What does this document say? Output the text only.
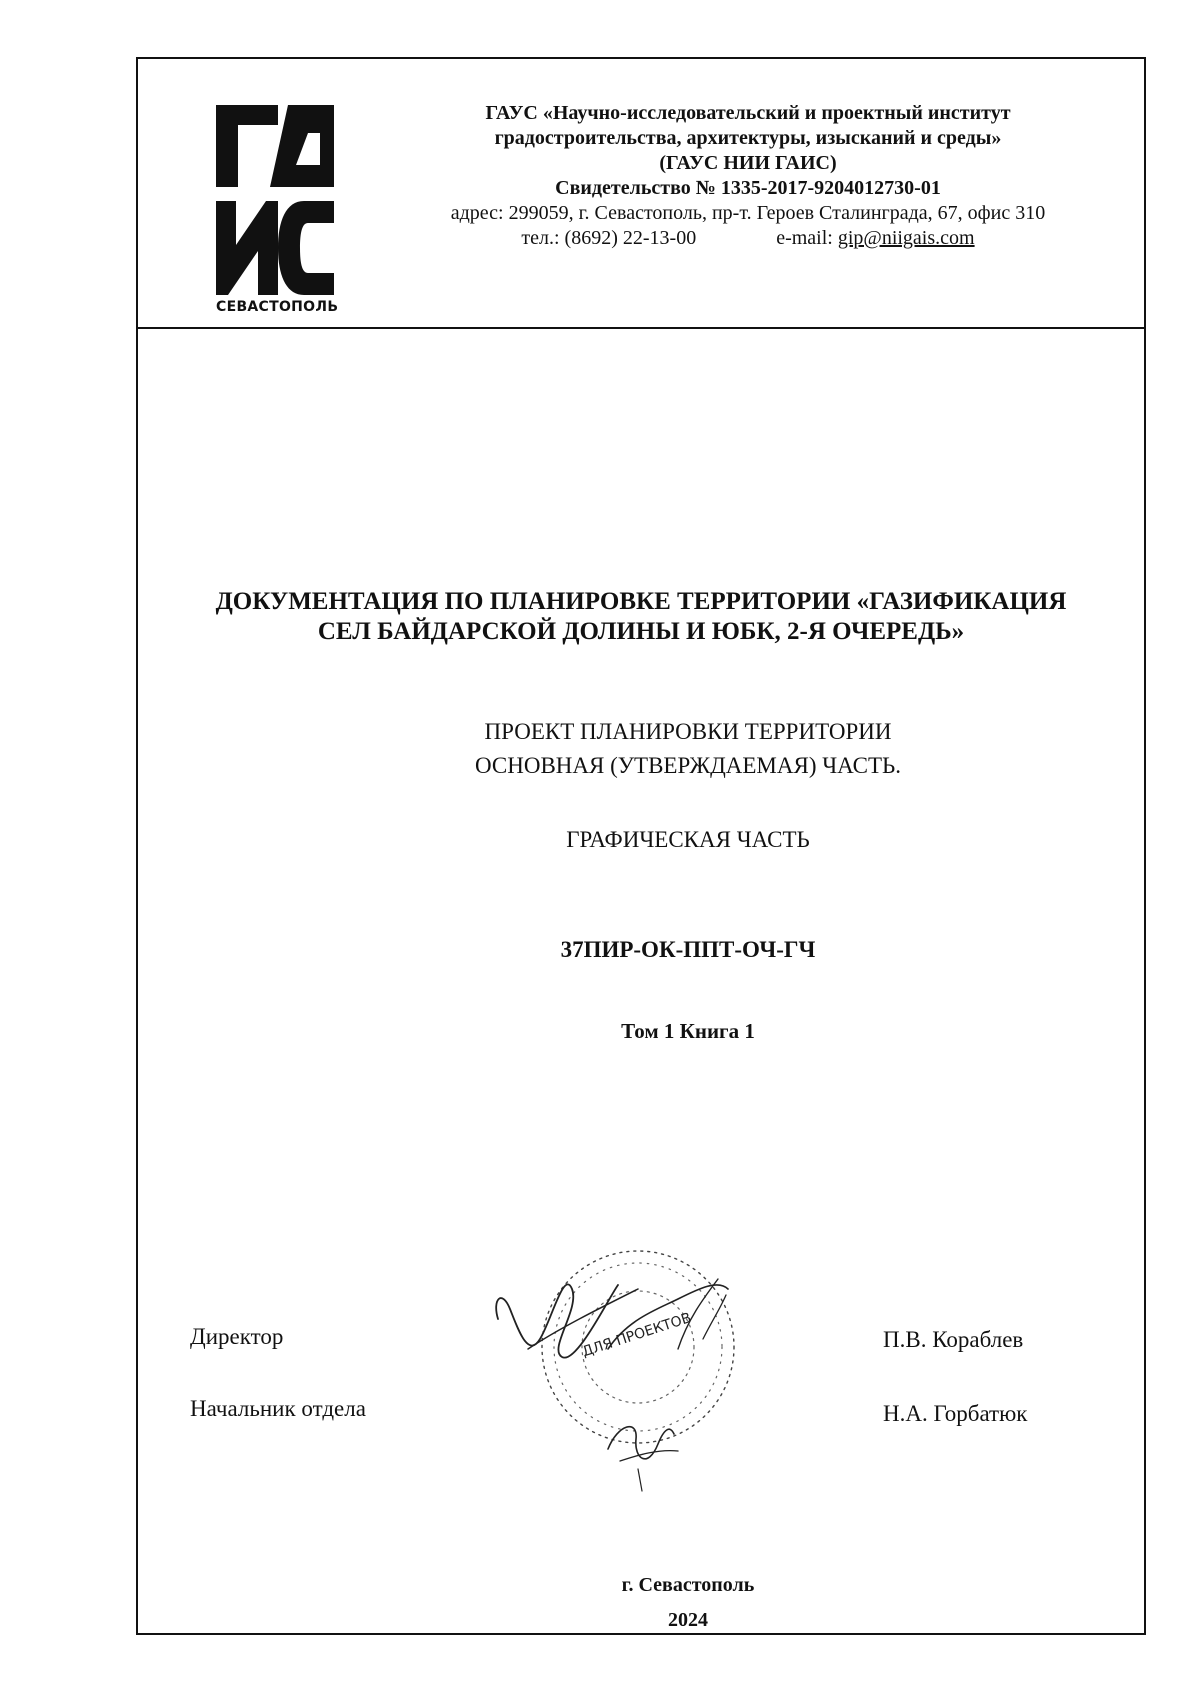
СЕВАСТОПОЛЬ
ГАУС «Научно-исследовательский и проектный институт
градостроительства, архитектуры, изысканий и среды»
(ГАУС НИИ ГАИС)
Свидетельство № 1335-2017-9204012730-01
адрес: 299059, г. Севастополь, пр-т. Героев Сталинграда, 67, офис 310
тел.: (8692) 22-13-00	e-mail: gip@niigais.com
ДОКУМЕНТАЦИЯ ПО ПЛАНИРОВКЕ ТЕРРИТОРИИ «ГАЗИФИКАЦИЯ
СЕЛ БАЙДАРСКОЙ ДОЛИНЫ И ЮБК, 2-Я ОЧЕРЕДЬ»
ПРОЕКТ ПЛАНИРОВКИ ТЕРРИТОРИИ
ОСНОВНАЯ (УТВЕРЖДАЕМАЯ) ЧАСТЬ.
ГРАФИЧЕСКАЯ ЧАСТЬ
37ПИР-ОК-ППТ-ОЧ-ГЧ
Том 1 Книга 1
Директор
Начальник отдела
П.В. Кораблев
Н.А. Горбатюк
ДЛЯ ПРОЕКТОВ
г. Севастополь
2024
